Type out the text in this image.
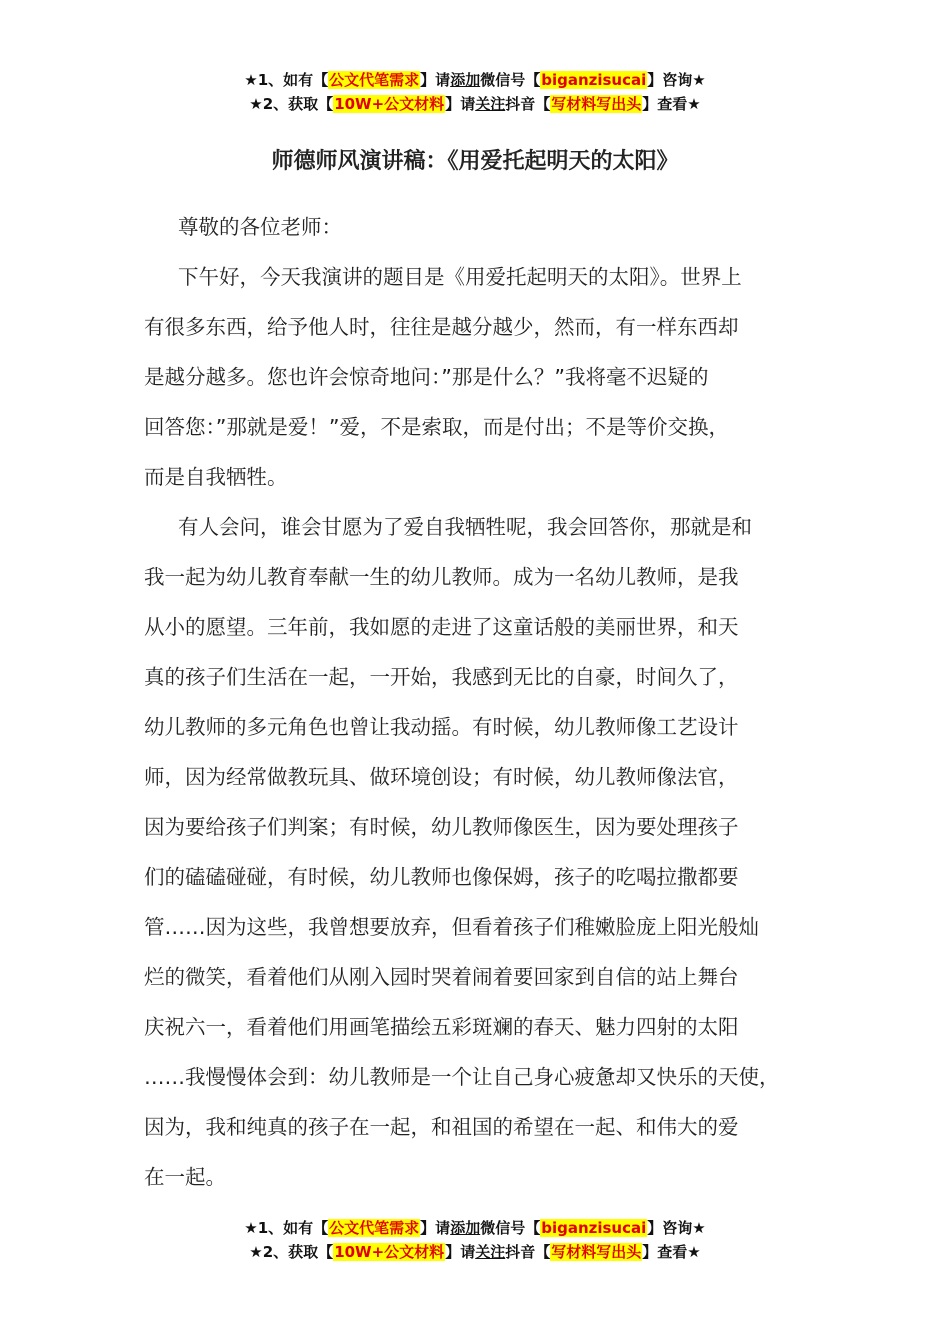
★1、如有【公文代笔需求】请添加微信号【biganzisucai】咨询★
★2、获取【10W+公文材料】请关注抖音【写材料写出头】查看★
师德师风演讲稿：《用爱托起明天的太阳》
尊敬的各位老师：
下午好，今天我演讲的题目是《用爱托起明天的太阳》。世界上
有很多东西，给予他人时，往往是越分越少，然而，有一样东西却
是越分越多。您也许会惊奇地问：”那是什么？”我将毫不迟疑的
回答您：”那就是爱！”爱，不是索取，而是付出；不是等价交换，
而是自我牺牲。
有人会问，谁会甘愿为了爱自我牺牲呢，我会回答你，那就是和
我一起为幼儿教育奉献一生的幼儿教师。成为一名幼儿教师，是我
从小的愿望。三年前，我如愿的走进了这童话般的美丽世界，和天
真的孩子们生活在一起，一开始，我感到无比的自豪，时间久了，
幼儿教师的多元角色也曾让我动摇。有时候，幼儿教师像工艺设计
师，因为经常做教玩具、做环境创设；有时候，幼儿教师像法官，
因为要给孩子们判案；有时候，幼儿教师像医生，因为要处理孩子
们的磕磕碰碰，有时候，幼儿教师也像保姆，孩子的吃喝拉撒都要
管……因为这些，我曾想要放弃，但看着孩子们稚嫩脸庞上阳光般灿
烂的微笑，看着他们从刚入园时哭着闹着要回家到自信的站上舞台
庆祝六一，看着他们用画笔描绘五彩斑斓的春天、魅力四射的太阳
……我慢慢体会到：幼儿教师是一个让自己身心疲惫却又快乐的天使，
因为，我和纯真的孩子在一起，和祖国的希望在一起、和伟大的爱
在一起。
★1、如有【公文代笔需求】请添加微信号【biganzisucai】咨询★
★2、获取【10W+公文材料】请关注抖音【写材料写出头】查看★
